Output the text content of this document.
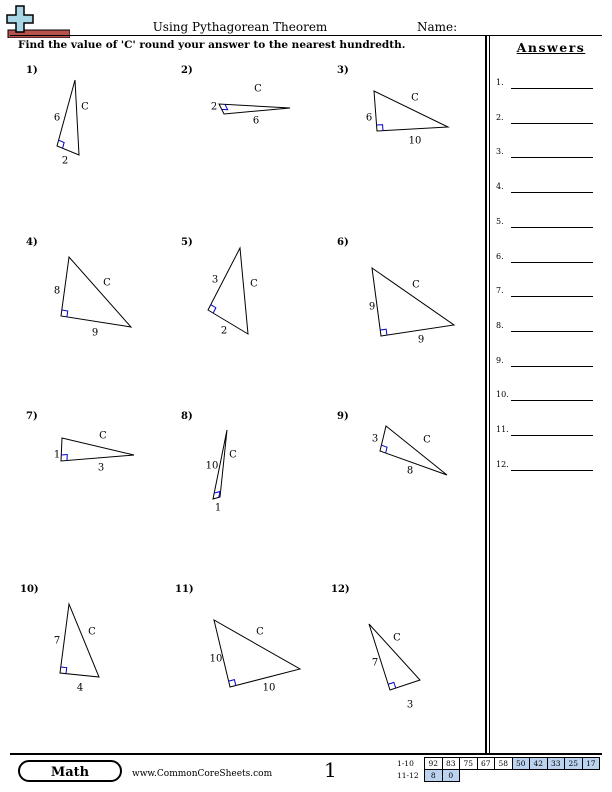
Using Pythagorean Theorem	Name:
Find the value of 'C' round your answer to the nearest hundredth.	Answers
1.
2.
3.
4.
5.
6.
7.
8.
9.
10.
11.
12.
1)
6
2
C
2)
2
6
C
3)
6
10
C
4)
8
9
C
5)
3
2
C
6)
9
9
C
7)
1
3
C
8)
10
1
C
9)
3
8
C
10)
7
4
C
11)
10
10
C
12)
7
3
C
Math	www.CommonCoreSheets.com	1	1-10	92	83	75	67	58	50	42	33	25	17
11-12	8	0								
